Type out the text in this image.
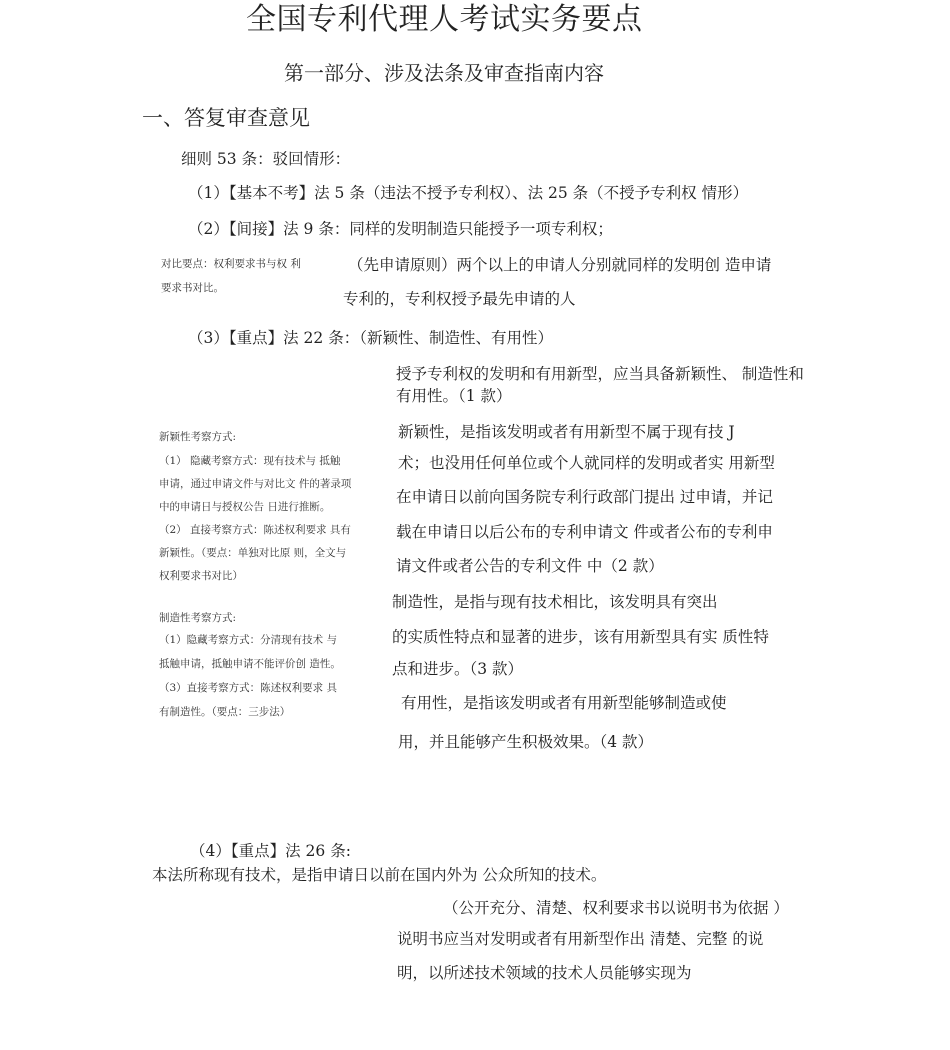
全国专利代理人考试实务要点
第一部分、涉及法条及审查指南内容
一、答复审查意见
细则 53 条：驳回情形：
（1）【基本不考】法 5 条（违法不授予专利权）、法 25 条（不授予专利权 情形）
（2）【间接】法 9 条：同样的发明制造只能授予一项专利权；
对比要点：权利要求书与权 利
要求书对比。
（先申请原则）两个以上的申请人分别就同样的发明创 造申请
专利的，专利权授予最先申请的人
（3）【重点】法 22 条：（新颖性、制造性、有用性）
授予专利权的发明和有用新型，应当具备新颖性、 制造性和有用性。（1 款）
新颖性考察方式:
（1） 隐藏考察方式：现有技术与 抵触
申请，通过申请文件与对比文 件的著录项
中的申请日与授权公告 日进行推断。
（2） 直接考察方式：陈述权利要求 具有
新颖性。（要点：单独对比原 则，全文与
权利要求书对比）
新颖性，是指该发明或者有用新型不属于现有技 J
术；也没用任何单位或个人就同样的发明或者实 用新型
在申请日以前向国务院专利行政部门提出 过申请，并记
载在申请日以后公布的专利申请文 件或者公布的专利申
请文件或者公告的专利文件 中（2 款）
制造性考察方式:
（1）隐藏考察方式：分清现有技术 与
抵触申请，抵触申请不能评价创 造性。
（3）直接考察方式：陈述权利要求 具
有制造性。（要点：三步法）
制造性，是指与现有技术相比，该发明具有突出
的实质性特点和显著的进步，该有用新型具有实 质性特
点和进步。（3 款）
有用性，是指该发明或者有用新型能够制造或使
用，并且能够产生积极效果。（4 款）
（4）【重点】法 26 条:
本法所称现有技术，是指申请日以前在国内外为 公众所知的技术。
（公开充分、清楚、权利要求书以说明书为依据 ）
说明书应当对发明或者有用新型作出 清楚、完整 的说
明，以所述技术领域的技术人员能够实现为
